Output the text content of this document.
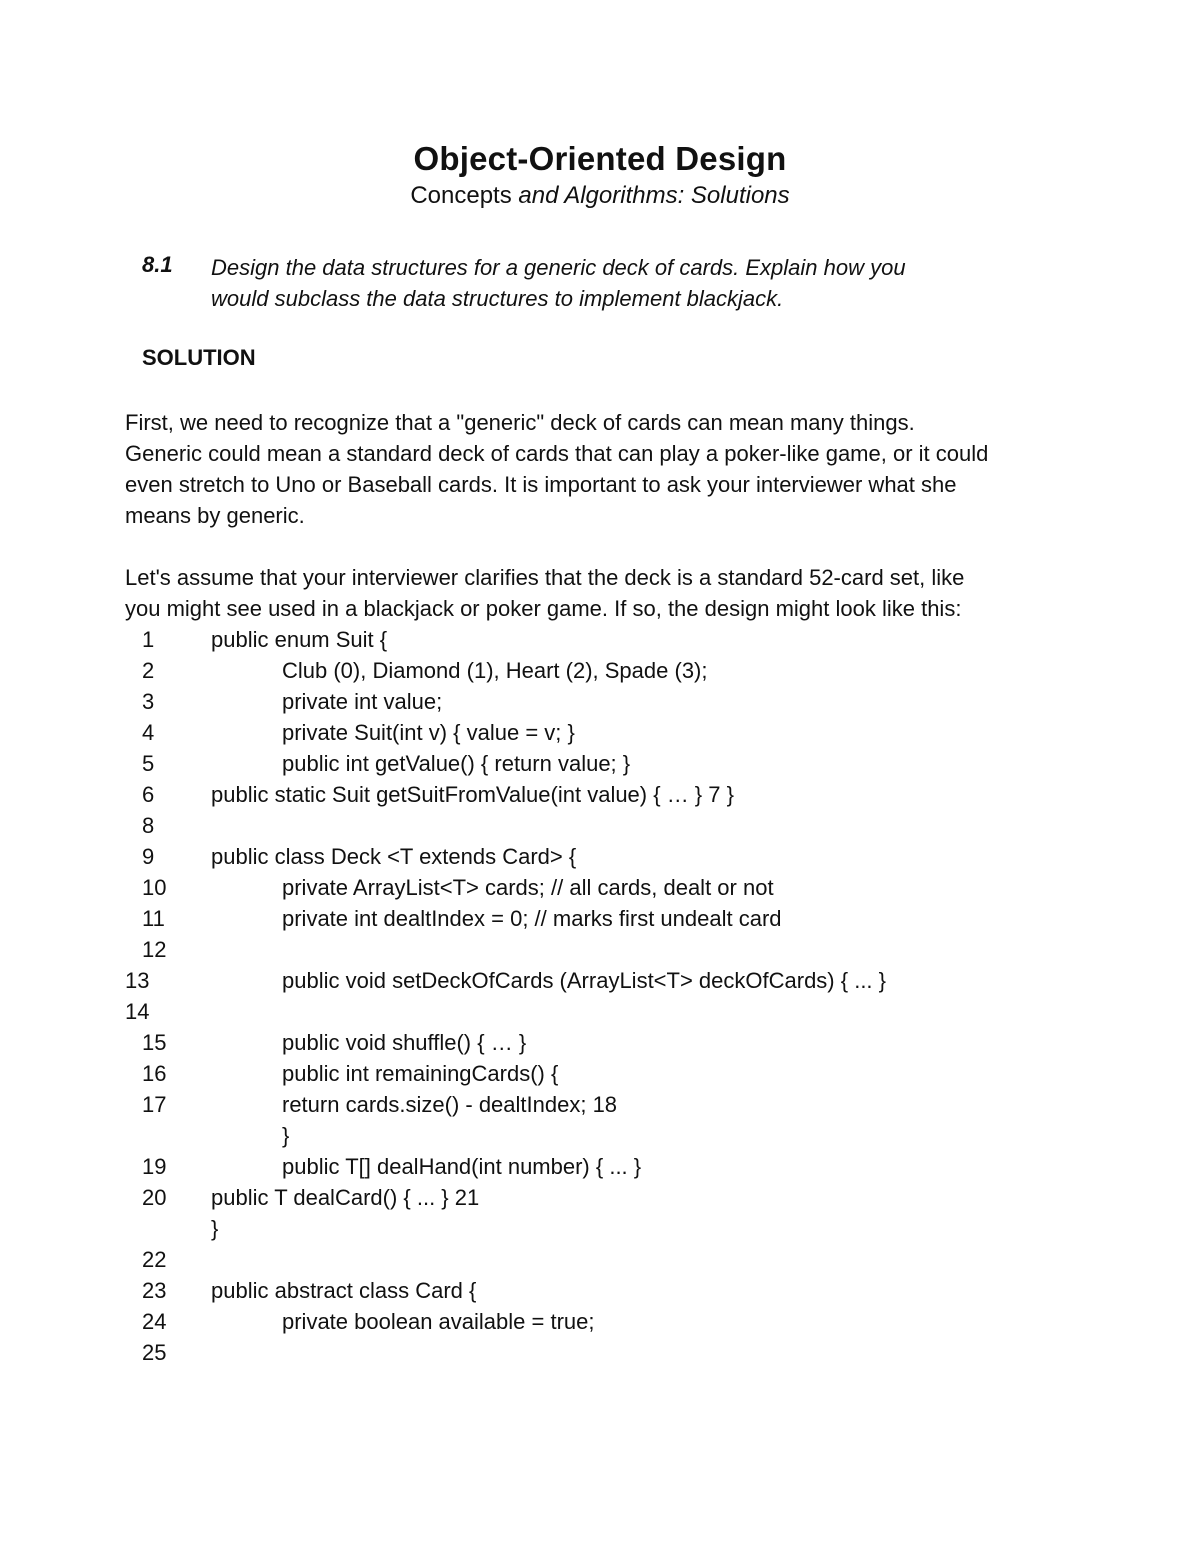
Object-Oriented Design
Concepts and Algorithms: Solutions
8.1 Design the data structures for a generic deck of cards. Explain how you
would subclass the data structures to implement blackjack.
SOLUTION
First, we need to recognize that a "generic" deck of cards can mean many things.
Generic could mean a standard deck of cards that can play a poker-like game, or it could
even stretch to Uno or Baseball cards. It is important to ask your interviewer what she
means by generic.
Let's assume that your interviewer clarifies that the deck is a standard 52-card set, like
you might see used in a blackjack or poker game. If so, the design might look like this:
1	public enum Suit {
2	Club (0), Diamond (1), Heart (2), Spade (3);
3	private int value;
4	private Suit(int v) { value = v; }
5	public int getValue() { return value; }
6	public static Suit getSuitFromValue(int value) { … } 7 }
8
9	public class Deck <T extends Card> {
10	private ArrayList<T> cards; // all cards, dealt or not
11	private int dealtIndex = 0; // marks first undealt card
12
13	public void setDeckOfCards (ArrayList<T> deckOfCards) { ... }
14
15	public void shuffle() { … }
16	public int remainingCards() {
17	return cards.size() - dealtIndex; 18
}
19	public T[] dealHand(int number) { ... }
20 public T dealCard() { ... } 21
}
22
23 public abstract class Card {
24	private boolean available = true;
25
